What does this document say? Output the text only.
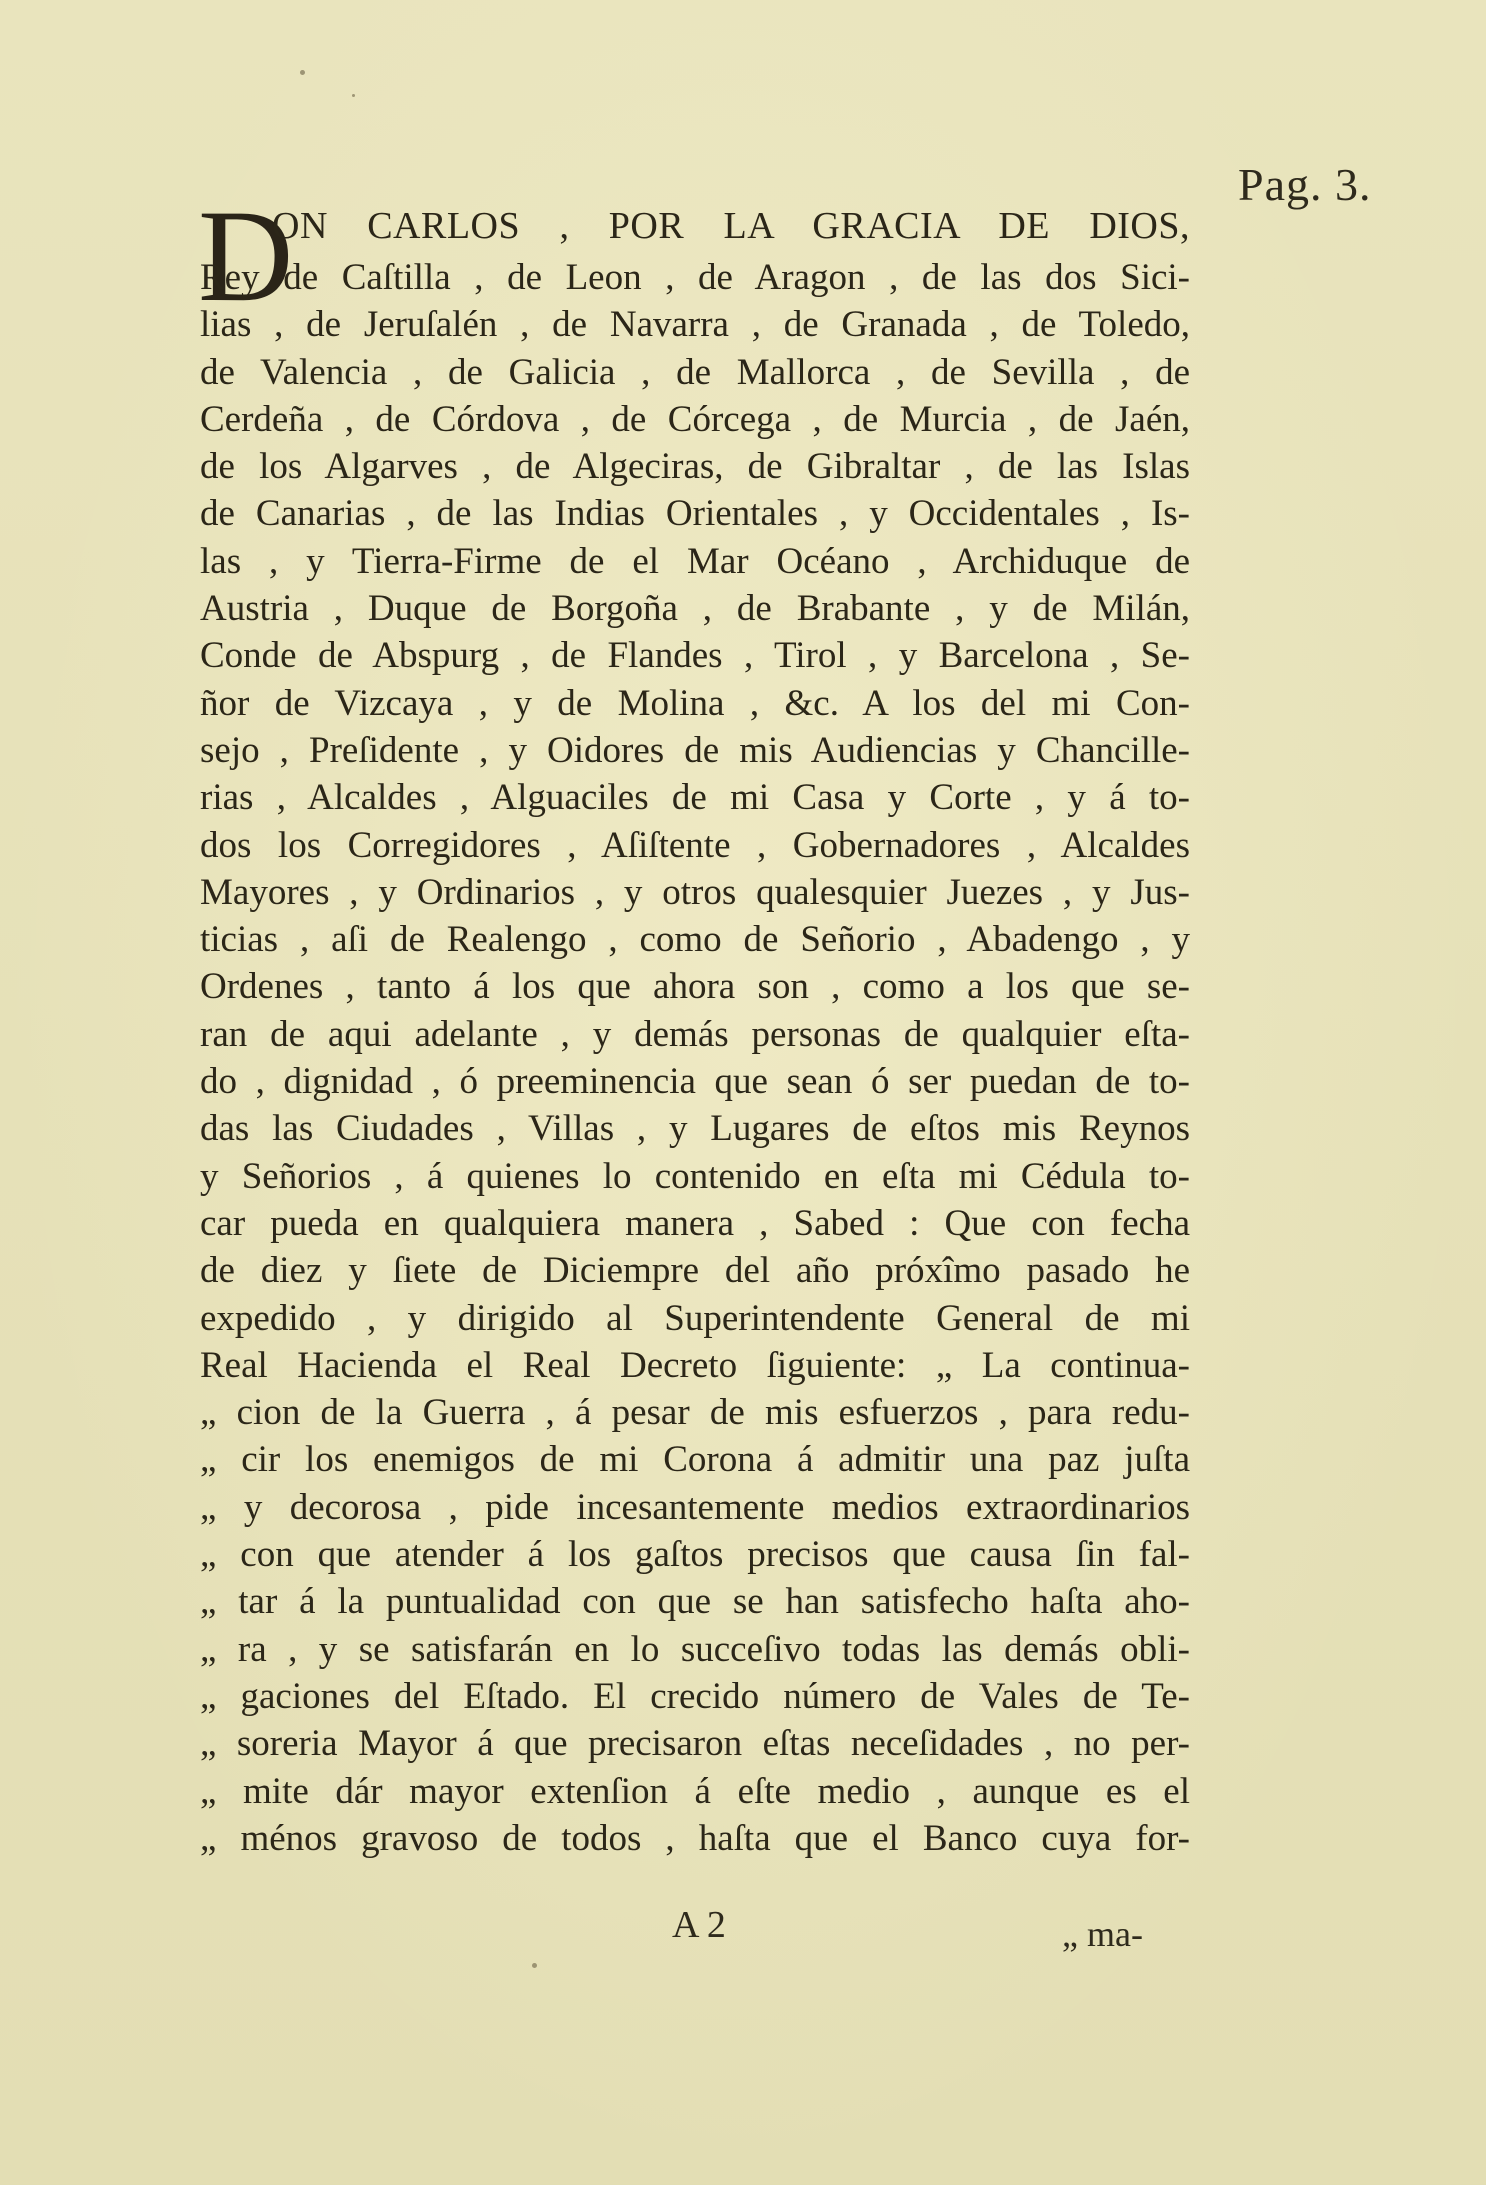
Pag. 3.
D
ON CARLOS , POR LA GRACIA DE DIOS,
Rey de Caſtilla , de Leon , de Aragon , de las dos Sici-
lias , de Jeruſalén , de Navarra , de Granada , de Toledo,
de Valencia , de Galicia , de Mallorca , de Sevilla , de
Cerdeña , de Córdova , de Córcega , de Murcia , de Jaén,
de los Algarves , de Algeciras, de Gibraltar , de las Islas
de Canarias , de las Indias Orientales , y Occidentales , Is-
las , y Tierra-Firme de el Mar Océano , Archiduque de
Austria , Duque de Borgoña , de Brabante , y de Milán,
Conde de Abspurg , de Flandes , Tirol , y Barcelona , Se-
ñor de Vizcaya , y de Molina , &c. A los del mi Con-
sejo , Preſidente , y Oidores de mis Audiencias y Chancille-
rias , Alcaldes , Alguaciles de mi Casa y Corte , y á to-
dos los Corregidores , Aſiſtente , Gobernadores , Alcaldes
Mayores , y Ordinarios , y otros qualesquier Juezes , y Jus-
ticias , aſi de Realengo , como de Señorio , Abadengo , y
Ordenes , tanto á los que ahora son , como a los que se-
ran de aqui adelante , y demás personas de qualquier eſta-
do , dignidad , ó preeminencia que sean ó ser puedan de to-
das las Ciudades , Villas , y Lugares de eſtos mis Reynos
y Señorios , á quienes lo contenido en eſta mi Cédula to-
car pueda en qualquiera manera , Sabed : Que con fecha
de diez y ſiete de Diciempre del año próxîmo pasado he
expedido , y dirigido al Superintendente General de mi
Real Hacienda el Real Decreto ſiguiente: „ La continua-
„ cion de la Guerra , á pesar de mis esfuerzos , para redu-
„ cir los enemigos de mi Corona á admitir una paz juſta
„ y decorosa , pide incesantemente medios extraordinarios
„ con que atender á los gaſtos precisos que causa ſin fal-
„ tar á la puntualidad con que se han satisfecho haſta aho-
„ ra , y se satisfarán en lo succeſivo todas las demás obli-
„ gaciones del Eſtado. El crecido número de Vales de Te-
„ soreria Mayor á que precisaron eſtas neceſidades , no per-
„ mite dár mayor extenſion á eſte medio , aunque es el
„ ménos gravoso de todos , haſta que el Banco cuya for-
A 2	„ ma-
